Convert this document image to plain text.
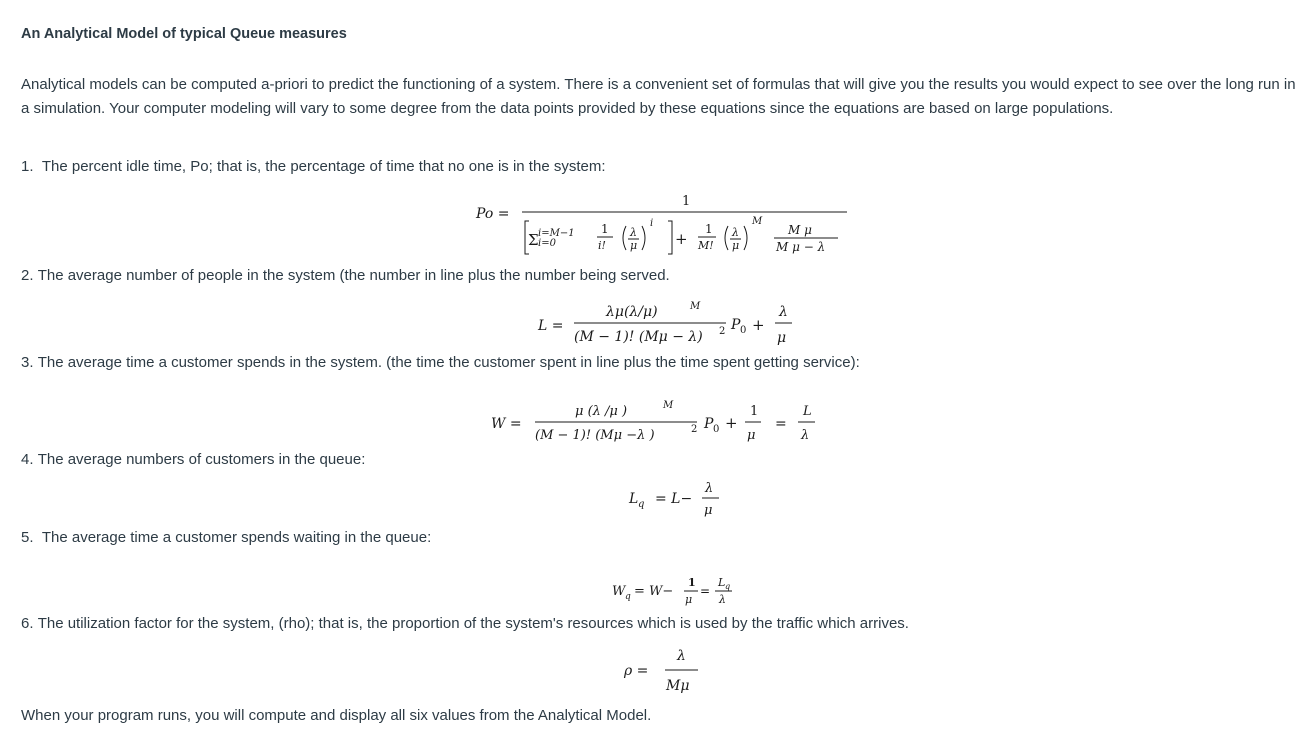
An Analytical Model of typical Queue measures
Analytical models can be computed a-priori to predict the functioning of a system. There is a convenient set of formulas that will give you the results you would expect to see over the long run in a simulation. Your computer modeling will vary to some degree from the data points provided by these equations since the equations are based on large populations.
1. The percent idle time, Po; that is, the percentage of time that no one is in the system:
Po =
1
Σ i=M−1
i=0
1
i!
λ
μ
i
+
1
M!
λ
μ
M
M μ
M μ − λ
2. The average number of people in the system (the number in line plus the number being served.
L =
λμ(λ/μ)	M
(M − 1)! (Mμ − λ) 2 P 0 +
λ
μ
3. The average time a customer spends in the system. (the time the customer spent in line plus the time spent getting service):
W =
μ (λ /μ )	M
(M − 1)! (Mμ −λ )	2 P 0 +
1
μ
=
L
λ
4. The average numbers of customers in the queue:
L q = L−
λ
μ
5. The average time a customer spends waiting in the queue:
W q = W−
1
μ
=
L q
λ
6. The utilization factor for the system, (rho); that is, the proportion of the system's resources which is used by the traffic which arrives.
ρ =
λ
Mμ
When your program runs, you will compute and display all six values from the Analytical Model.
